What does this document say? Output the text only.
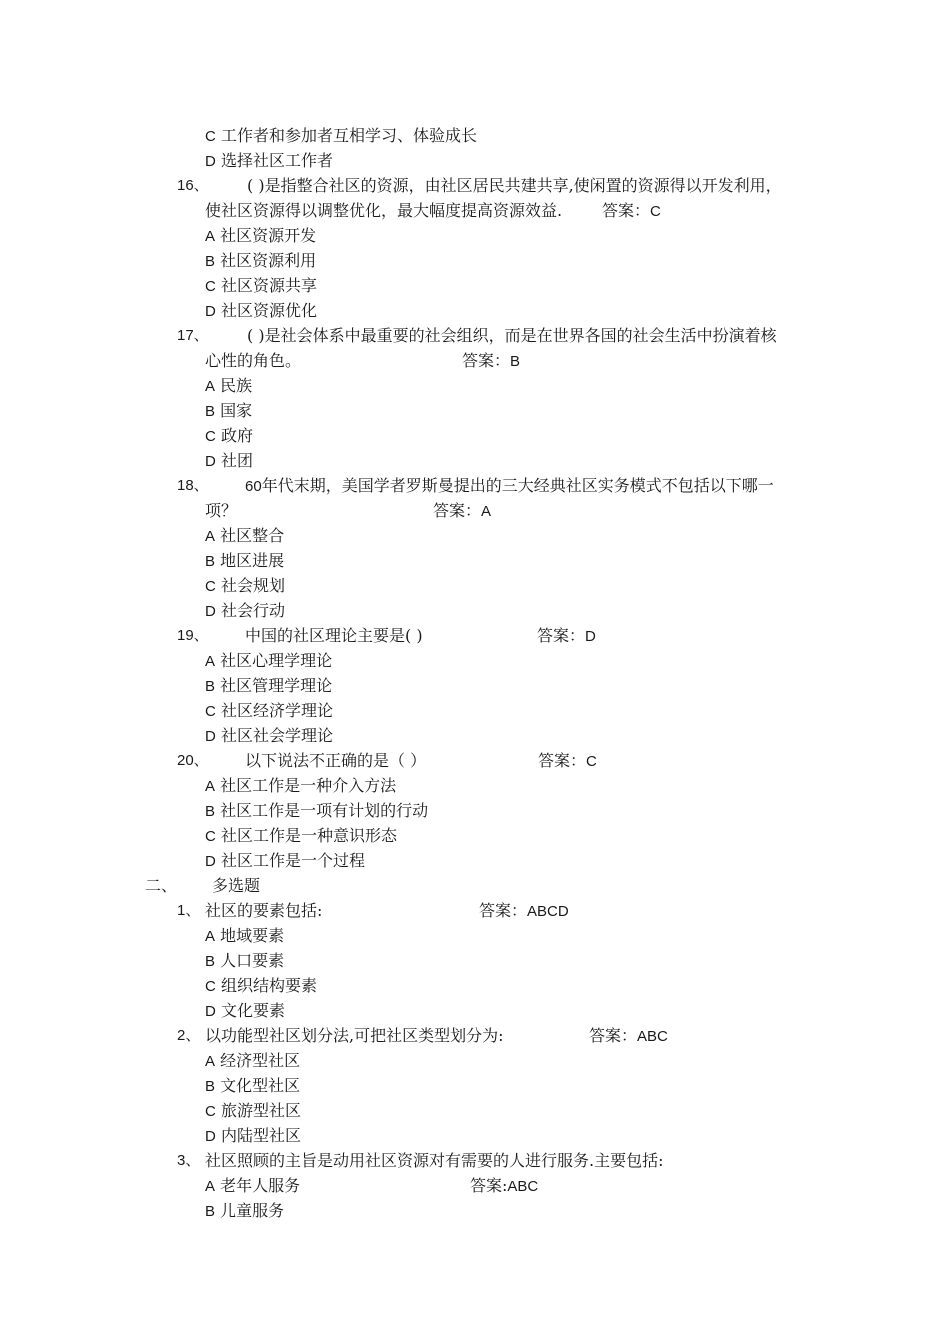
C 工作者和参加者互相学习、体验成长
D 选择社区工作者
16、 ( )是指整合社区的资源，由社区居民共建共享,使闲置的资源得以开发利用，
使社区资源得以调整优化，最大幅度提高资源效益. 答案：C
A 社区资源开发
B 社区资源利用
C 社区资源共享
D 社区资源优化
17、 ( )是社会体系中最重要的社会组织，而是在世界各国的社会生活中扮演着核
心性的角色。	答案：B
A 民族
B 国家
C 政府
D 社团
18、 60年代末期，美国学者罗斯曼提出的三大经典社区实务模式不包括以下哪一
项？	答案：A
A 社区整合
B 地区进展
C 社会规划
D 社会行动
19、 中国的社区理论主要是( )	答案：D
A 社区心理学理论
B 社区管理学理论
C 社区经济学理论
D 社区社会学理论
20、 以下说法不正确的是（ ）	答案：C
A 社区工作是一种介入方法
B 社区工作是一项有计划的行动
C 社区工作是一种意识形态
D 社区工作是一个过程
二、 多选题
1、 社区的要素包括:	答案：ABCD
A 地域要素
B 人口要素
C 组织结构要素
D 文化要素
2、 以功能型社区划分法,可把社区类型划分为:	答案：ABC
A 经济型社区
B 文化型社区
C 旅游型社区
D 内陆型社区
3、 社区照顾的主旨是动用社区资源对有需要的人进行服务.主要包括:
A 老年人服务	答案:ABC
B 儿童服务
